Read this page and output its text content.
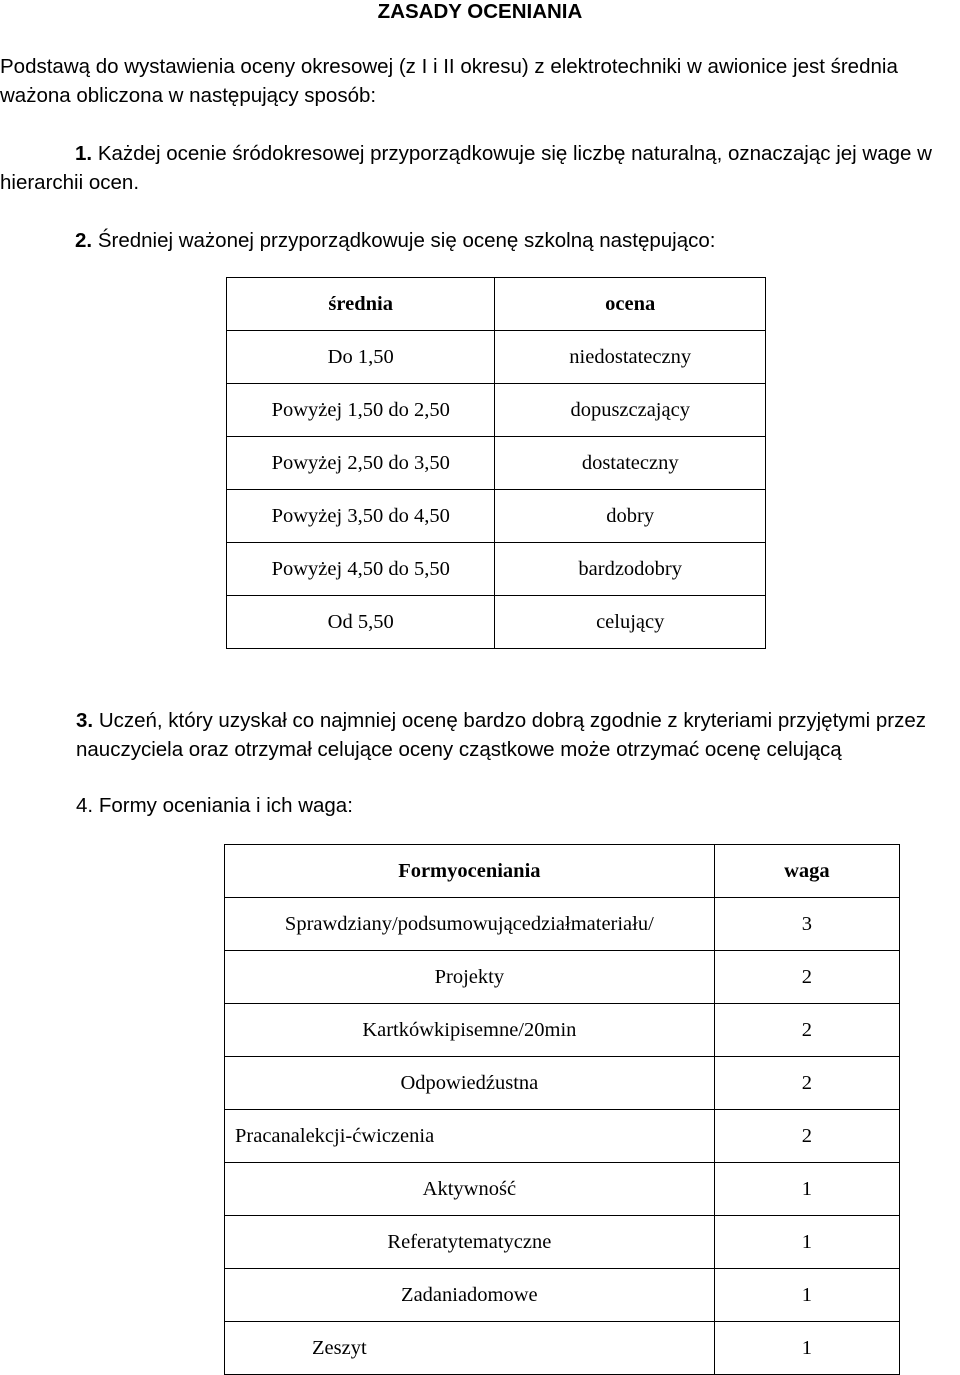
ZASADY OCENIANIA

Podstawą do wystawienia oceny okresowej (z I i II okresu) z elektrotechniki w awionice jest średnia ważona obliczona w następujący sposób:

1. Każdej ocenie śródokresowej przyporządkowuje się liczbę naturalną, oznaczając jej wage w hierarchii ocen.

2. Średniej ważonej przyporządkowuje się ocenę szkolną następująco:

średnia	ocena
Do 1,50	niedostateczny
Powyżej 1,50 do 2,50	dopuszczający
Powyżej 2,50 do 3,50	dostateczny
Powyżej 3,50 do 4,50	dobry
Powyżej 4,50 do 5,50	bardzodobry
Od 5,50	celujący

3. Uczeń, który uzyskał co najmniej ocenę bardzo dobrą zgodnie z kryteriami przyjętymi przez nauczyciela oraz otrzymał celujące oceny cząstkowe może otrzymać ocenę celującą

4. Formy oceniania i ich waga:

Formyoceniania	waga
Sprawdziany/podsumowującedziałmateriału/	3
Projekty	2
Kartkówkipisemne/20min	2
Odpowiedźustna	2
Pracanalekcji-ćwiczenia	2
Aktywność	1
Referatytematyczne	1
Zadaniadomowe	1
Zeszyt	1
